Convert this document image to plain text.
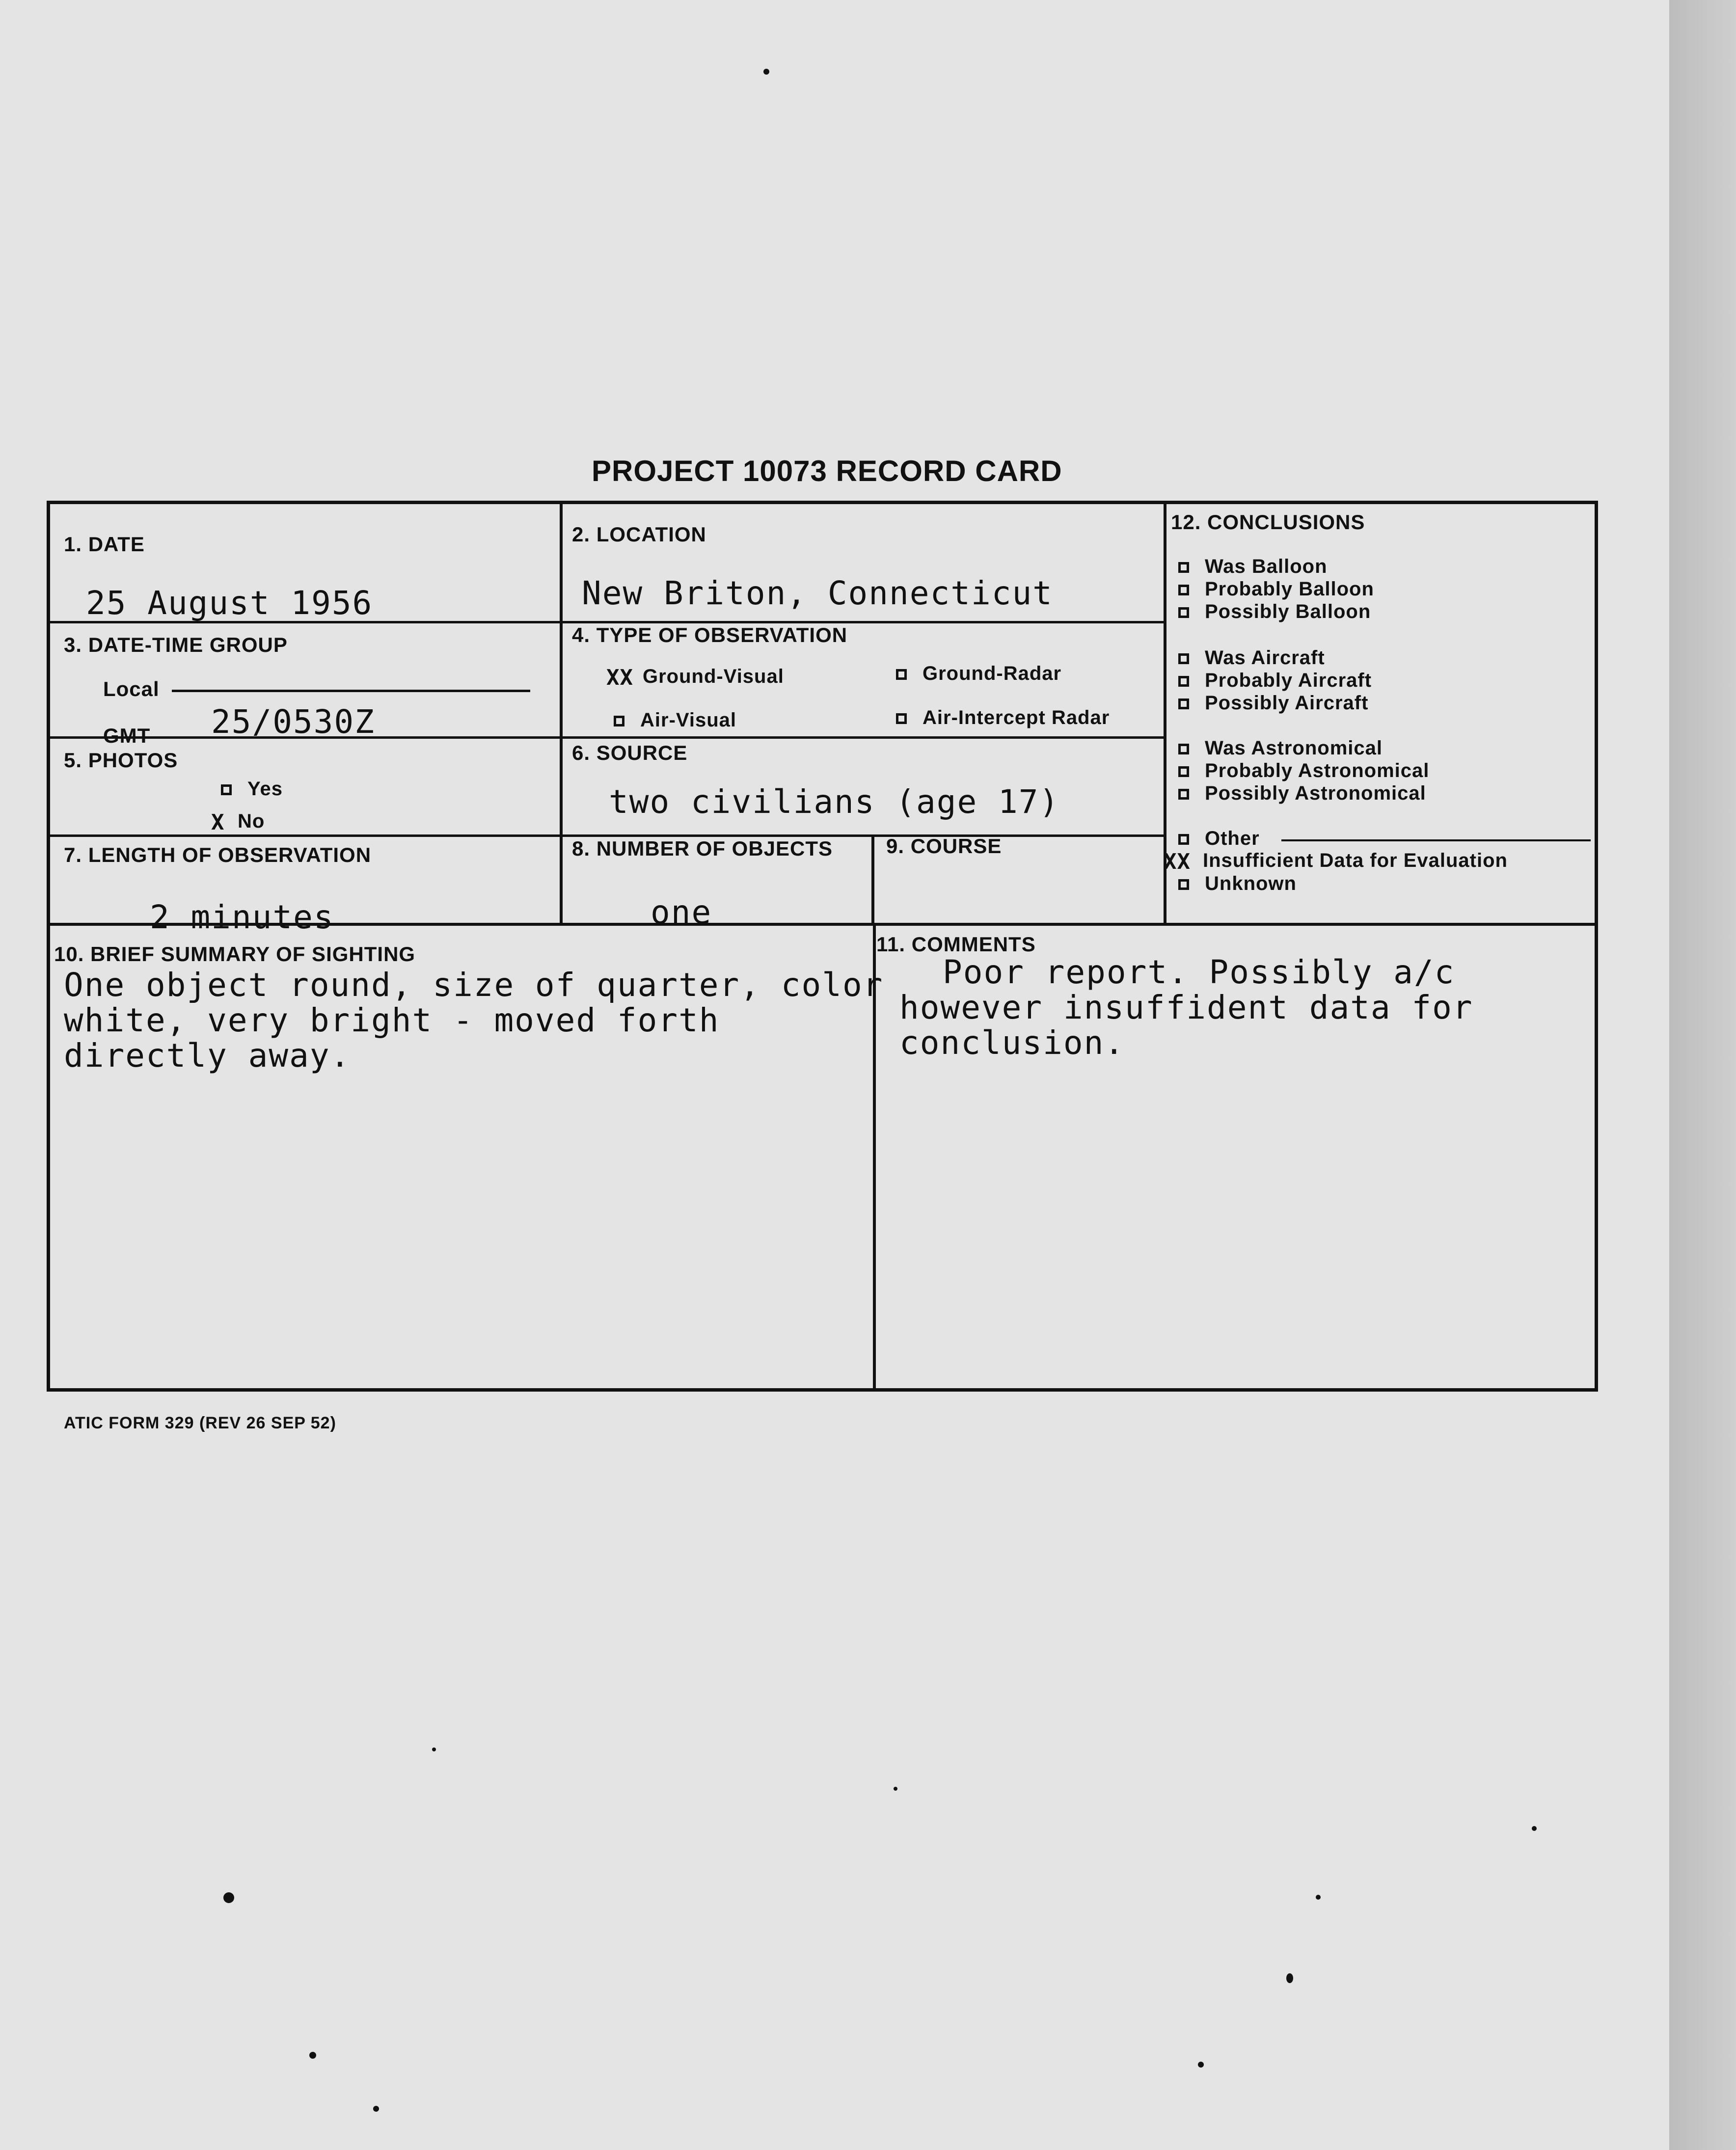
PROJECT 10073 RECORD CARD
1. DATE
25 August 1956
2. LOCATION
New Briton, Connecticut
3. DATE-TIME GROUP
Local
GMT 25/0530Z
4. TYPE OF OBSERVATION
XX Ground-Visual	Ground-Radar
Air-Visual	Air-Intercept Radar
5. PHOTOS
Yes
X No
6. SOURCE
two civilians (age 17)
7. LENGTH OF OBSERVATION
2 minutes
8. NUMBER OF OBJECTS
one
9. COURSE
10. BRIEF SUMMARY OF SIGHTING
One object round, size of quarter, color
white, very bright - moved forth
directly away.
11. COMMENTS
Poor report. Possibly a/c
however insuffident data for
conclusion.
12. CONCLUSIONS
Was Balloon
Probably Balloon
Possibly Balloon
Was Aircraft
Probably Aircraft
Possibly Aircraft
Was Astronomical
Probably Astronomical
Possibly Astronomical
Other
XX Insufficient Data for Evaluation
Unknown
ATIC FORM 329 (REV 26 SEP 52)
